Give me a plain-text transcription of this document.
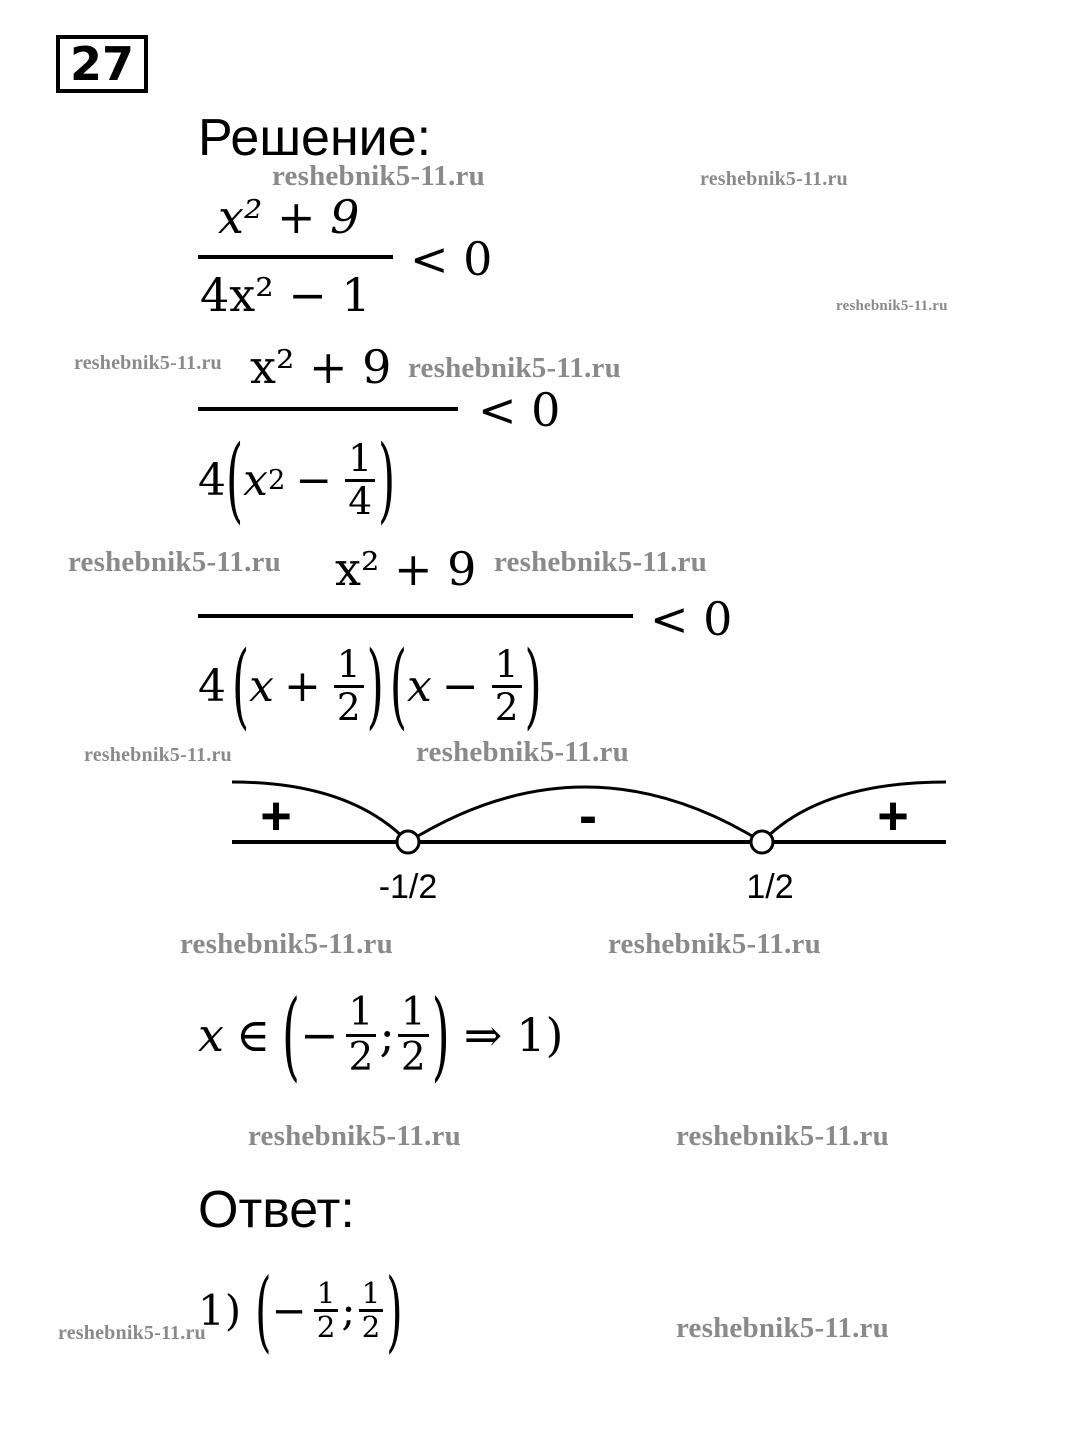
27
Решение:
x² + 9
4x² − 1
< 0
x² + 9
< 0
4 ( x $2 - \frac{1}{4}$ )
x² + 9
< 0
4 ( $x + \frac{1}{2}$ ) ( $x - \frac{1}{2}$ )
+	-	+
-1/2	1/2
x ∈ ( − $\frac{1}{2}$ ; 1
2 ) ⇒ 1)
Ответ:
1) ( − $\frac{1}{2}$ ; 1
2 )
reshebnik5-11.ru	reshebnik5-11.ru
reshebnik5-11.ru
reshebnik5-11.ru	reshebnik5-11.ru
reshebnik5-11.ru	reshebnik5-11.ru
reshebnik5-11.ru	reshebnik5-11.ru
reshebnik5-11.ru	reshebnik5-11.ru
reshebnik5-11.ru	reshebnik5-11.ru
reshebnik5-11.ru	reshebnik5-11.ru
